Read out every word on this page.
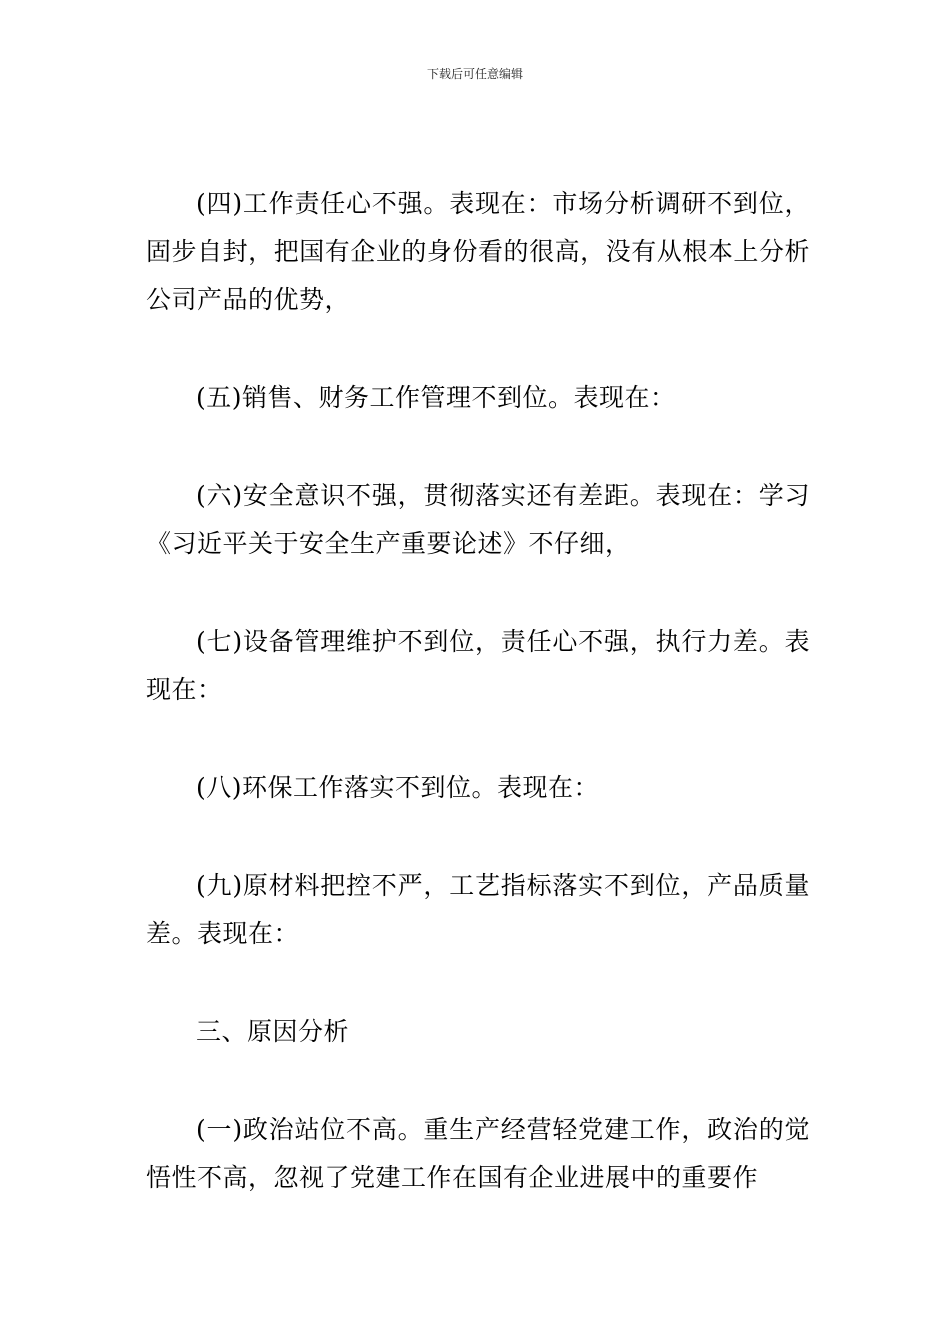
下载后可任意编辑

(四)工作责任心不强。表现在：市场分析调研不到位，固步自封，把国有企业的身份看的很高，没有从根本上分析公司产品的优势，

(五)销售、财务工作管理不到位。表现在：

(六)安全意识不强，贯彻落实还有差距。表现在：学习《习近平关于安全生产重要论述》不仔细，

(七)设备管理维护不到位，责任心不强，执行力差。表现在：

(八)环保工作落实不到位。表现在：

(九)原材料把控不严，工艺指标落实不到位，产品质量差。表现在：

三、原因分析

(一)政治站位不高。重生产经营轻党建工作，政治的觉悟性不高，忽视了党建工作在国有企业进展中的重要作
